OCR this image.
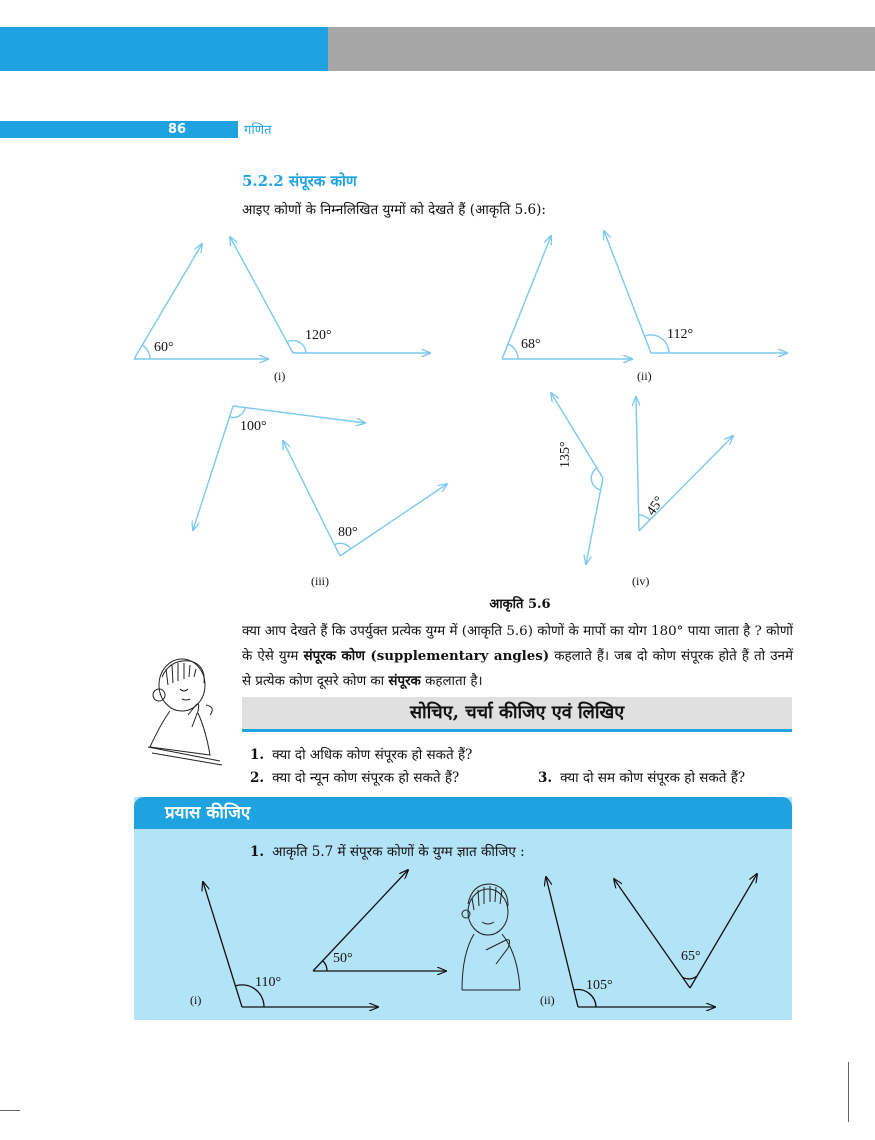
86	गणित
5.2.2 संपूरक कोण
आइए कोणों के निम्नलिखित युग्मों को देखते हैं (आकृति 5.6):
60°
120°
68°
112°
100°
80°
135°
45°
(i)	(ii)
(iii)	(iv)
आकृति 5.6
क्या आप देखते हैं कि उपर्युक्त प्रत्येक युग्म में (आकृति 5.6) कोणों के मापों का योग 180° पाया जाता है ? कोणों के ऐसे युग्म संपूरक कोण (supplementary angles) कहलाते हैं। जब दो कोण संपूरक होते हैं तो उनमें से प्रत्येक कोण दूसरे कोण का संपूरक कहलाता है।
सोचिए, चर्चा कीजिए एवं लिखिए
1. क्या दो अधिक कोण संपूरक हो सकते हैं?
2. क्या दो न्यून कोण संपूरक हो सकते हैं?	3. क्या दो सम कोण संपूरक हो सकते हैं?
प्रयास कीजिए
1. आकृति 5.7 में संपूरक कोणों के युग्म ज्ञात कीजिए :
110°
50°
105°
65°
(i)	(ii)
